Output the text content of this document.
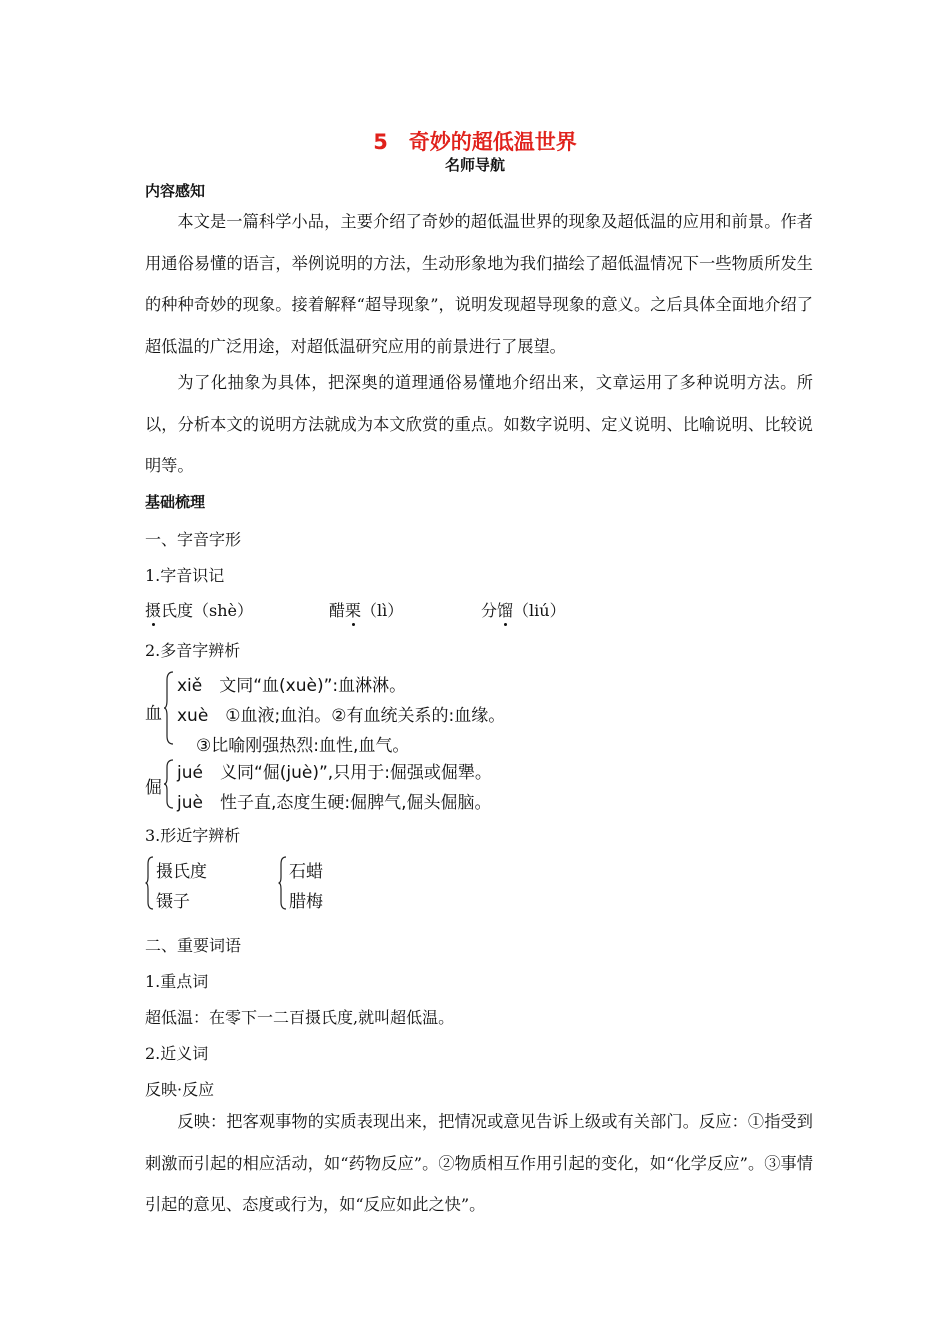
5　奇妙的超低温世界
名师导航
内容感知
本文是一篇科学小品，主要介绍了奇妙的超低温世界的现象及超低温的应用和前景。作者用通俗易懂的语言，举例说明的方法，生动形象地为我们描绘了超低温情况下一些物质所发生的种种奇妙的现象。接着解释“超导现象”，说明发现超导现象的意义。之后具体全面地介绍了超低温的广泛用途，对超低温研究应用的前景进行了展望。
为了化抽象为具体，把深奥的道理通俗易懂地介绍出来，文章运用了多种说明方法。所以，分析本文的说明方法就成为本文欣赏的重点。如数字说明、定义说明、比喻说明、比较说明等。
基础梳理
一、字音字形
1.字音识记
摄氏度（shè）	醋栗（lì）	分馏（liú）
2.多音字辨析
血
xiě　文同“血(xuè)”:血淋淋。
xuè　①血液;血泊。②有血统关系的:血缘。
③比喻刚强热烈:血性,血气。
倔
jué　义同“倔(juè)”,只用于:倔强或倔犟。
juè　性子直,态度生硬:倔脾气,倔头倔脑。
3.形近字辨析
摄氏度
镊子
石蜡
腊梅
二、重要词语
1.重点词
超低温：在零下一二百摄氏度,就叫超低温。
2.近义词
反映·反应
反映：把客观事物的实质表现出来，把情况或意见告诉上级或有关部门。反应：①指受到刺激而引起的相应活动，如“药物反应”。②物质相互作用引起的变化，如“化学反应”。③事情引起的意见、态度或行为，如“反应如此之快”。
